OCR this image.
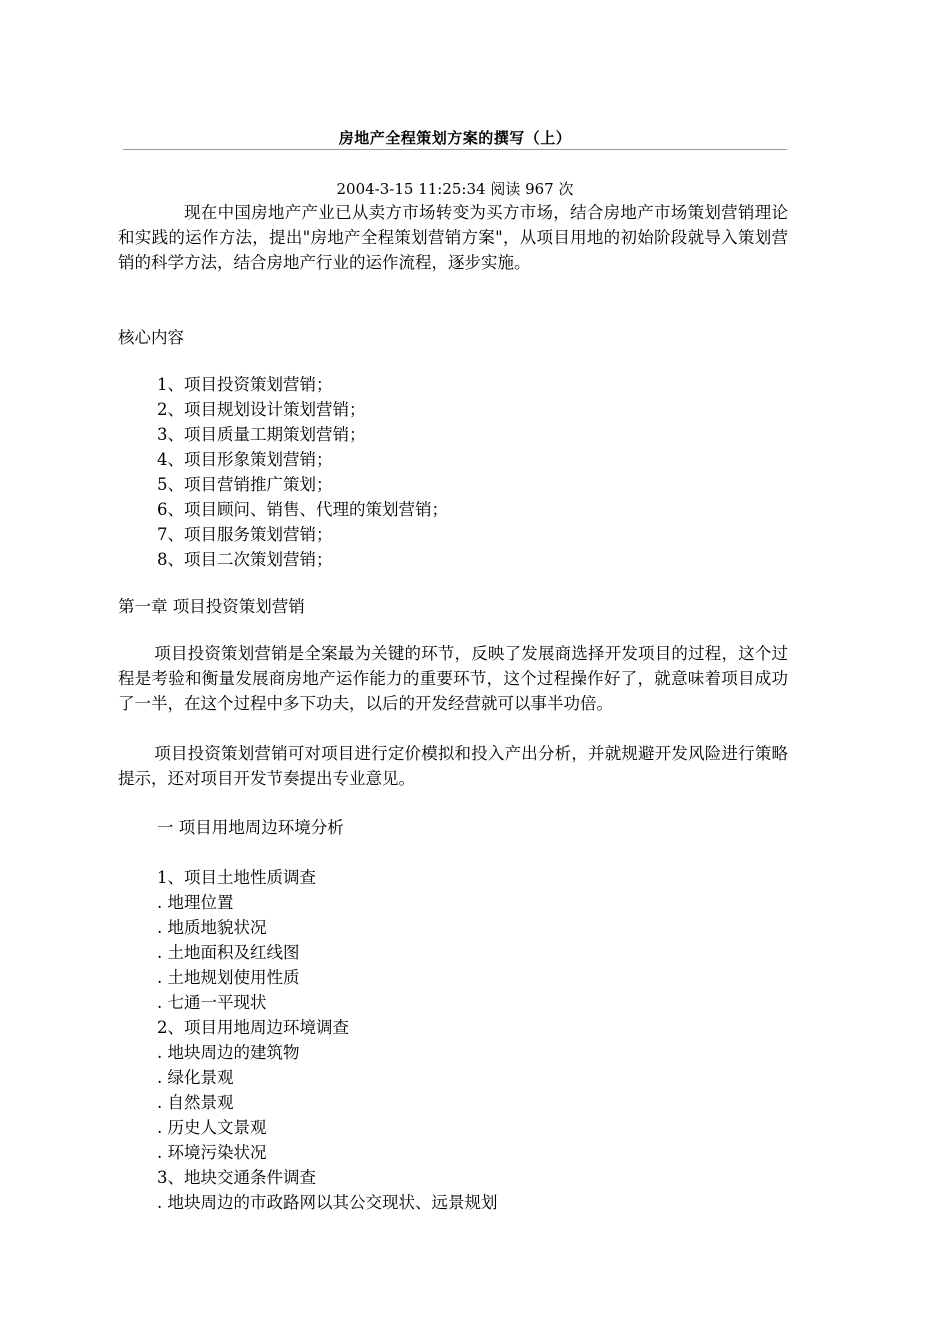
房地产全程策划方案的撰写（上）
2004-3-15 11:25:34 阅读 967 次
现在中国房地产产业已从卖方市场转变为买方市场，结合房地产市场策划营销理论和实践的运作方法，提出"房地产全程策划营销方案"，从项目用地的初始阶段就导入策划营销的科学方法，结合房地产行业的运作流程，逐步实施。
核心内容
1、项目投资策划营销；
2、项目规划设计策划营销；
3、项目质量工期策划营销；
4、项目形象策划营销；
5、项目营销推广策划；
6、项目顾问、销售、代理的策划营销；
7、项目服务策划营销；
8、项目二次策划营销；
第一章 项目投资策划营销
项目投资策划营销是全案最为关键的环节，反映了发展商选择开发项目的过程，这个过程是考验和衡量发展商房地产运作能力的重要环节，这个过程操作好了，就意味着项目成功了一半，在这个过程中多下功夫，以后的开发经营就可以事半功倍。
项目投资策划营销可对项目进行定价模拟和投入产出分析，并就规避开发风险进行策略提示，还对项目开发节奏提出专业意见。
一 项目用地周边环境分析
1、项目土地性质调查
. 地理位置
. 地质地貌状况
. 土地面积及红线图
. 土地规划使用性质
. 七通一平现状
2、项目用地周边环境调查
. 地块周边的建筑物
. 绿化景观
. 自然景观
. 历史人文景观
. 环境污染状况
3、地块交通条件调查
. 地块周边的市政路网以其公交现状、远景规划
